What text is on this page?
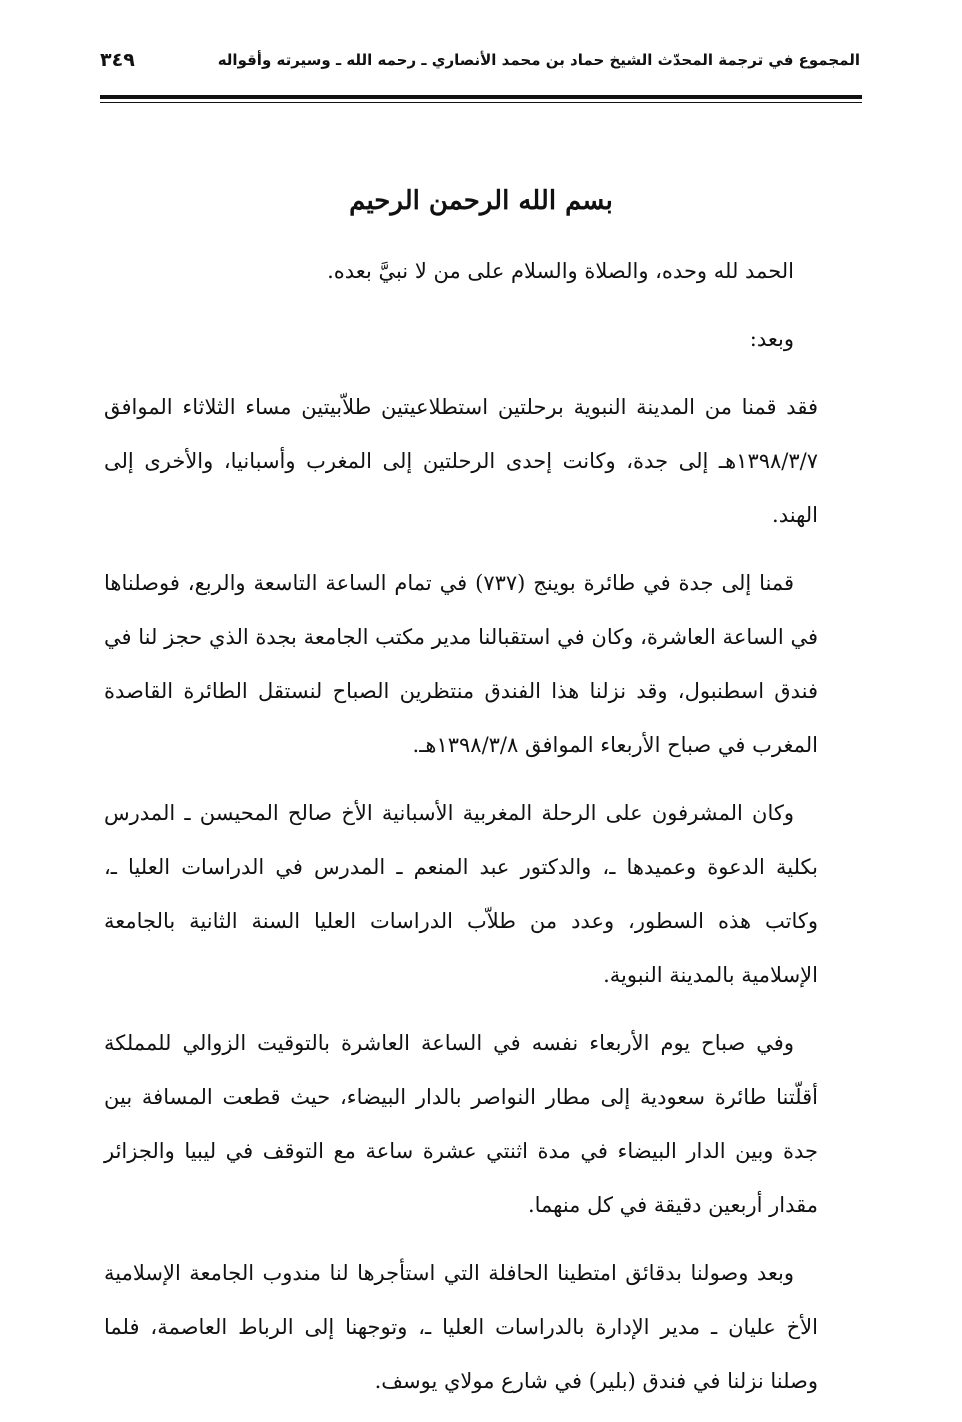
المجموع في ترجمة المحدّث الشيخ حماد بن محمد الأنصاري ـ رحمه الله ـ وسيرته وأقواله
٣٤٩
بسم الله الرحمن الرحيم

الحمد لله وحده، والصلاة والسلام على من لا نبيَّ بعده.

وبعد:

فقد قمنا من المدينة النبوية برحلتين استطلاعيتين طلاّبيتين مساء الثلاثاء الموافق ١٣٩٨/٣/٧هـ إلى جدة، وكانت إحدى الرحلتين إلى المغرب وأسبانيا، والأخرى إلى الهند.

قمنا إلى جدة في طائرة بوينج (٧٣٧) في تمام الساعة التاسعة والربع، فوصلناها في الساعة العاشرة، وكان في استقبالنا مدير مكتب الجامعة بجدة الذي حجز لنا في فندق اسطنبول، وقد نزلنا هذا الفندق منتظرين الصباح لنستقل الطائرة القاصدة المغرب في صباح الأربعاء الموافق ١٣٩٨/٣/٨هـ.

وكان المشرفون على الرحلة المغربية الأسبانية الأخ صالح المحيسن ـ المدرس بكلية الدعوة وعميدها ـ، والدكتور عبد المنعم ـ المدرس في الدراسات العليا ـ، وكاتب هذه السطور، وعدد من طلاّب الدراسات العليا السنة الثانية بالجامعة الإسلامية بالمدينة النبوية.

وفي صباح يوم الأربعاء نفسه في الساعة العاشرة بالتوقيت الزوالي للمملكة أقلّتنا طائرة سعودية إلى مطار النواصر بالدار البيضاء، حيث قطعت المسافة بين جدة وبين الدار البيضاء في مدة اثنتي عشرة ساعة مع التوقف في ليبيا والجزائر مقدار أربعين دقيقة في كل منهما.

وبعد وصولنا بدقائق امتطينا الحافلة التي استأجرها لنا مندوب الجامعة الإسلامية الأخ عليان ـ مدير الإدارة بالدراسات العليا ـ، وتوجهنا إلى الرباط العاصمة، فلما وصلنا نزلنا في فندق (بلير) في شارع مولاي يوسف.
